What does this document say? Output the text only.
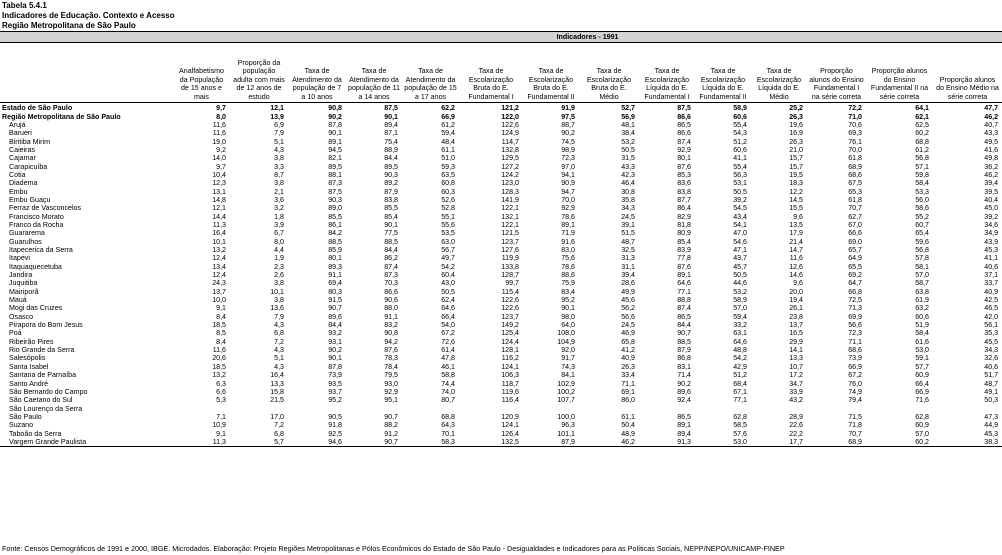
Tabela 5.4.1
Indicadores de Educação. Contexto e Acesso
Região Metropolitana de São Paulo
	Indicadores - 1991													
	Analfabetismo da População de 15 anos e mais	Proporção da população adulta com mais de 12 anos de estudo	Taxa de Atendimento da população de 7 a 10 anos	Taxa de Atendimento da população de 11 a 14 anos	Taxa de Atendimento da população de 15 a 17 anos	Taxa de Escolarização Bruta do E. Fundamental I	Taxa de Escolarização Bruta do E. Fundamental II	Taxa de Escolarização Bruta do E. Médio	Taxa de Escolarização Líquida do E. Fundamental I	Taxa de Escolarização Líquida do E. Fundamental II	Taxa de Escolarização Líquida do E. Médio	Proporção alunos do Ensino Fundamental I na série correta	Proporção alunos do Ensino Fundamental II na série correta	Proporção alunos do Ensino Médio na série correta
Estado de São Paulo	9,7	12,1	90,8	87,5	62,2	121,2	91,9	52,7	87,5	58,9	25,2	72,2	64,1	47,7
Região Metropolitana de São Paulo	8,0	13,9	90,2	90,1	66,9	122,0	97,5	56,9	86,6	60,6	26,3	71,0	62,1	46,2
Arujá	11,6	6,9	87,8	89,4	61,2	122,6	88,7	48,1	86,5	55,4	19,6	70,6	62,5	40,7
Barueri	11,6	7,9	90,1	87,1	59,4	124,9	90,2	38,4	86,6	54,3	16,9	69,3	60,2	43,3
Biritiba Mirim	19,0	5,1	89,1	75,4	48,4	114,7	74,5	53,2	87,4	51,2	26,3	76,1	68,8	49,5
Caieiras	9,2	4,3	94,5	88,9	61,1	132,8	98,9	50,5	92,9	60,6	21,0	70,0	61,2	41,6
Cajamar	14,0	3,8	82,1	84,4	51,0	129,5	72,3	31,5	80,1	41,1	15,7	61,8	56,8	49,8
Carapicuíba	9,7	3,3	89,5	89,5	59,3	127,2	97,0	43,3	87,6	55,4	15,7	68,9	57,1	36,2
Cotia	10,4	8,7	88,1	90,3	63,5	124,2	94,1	42,3	85,3	56,3	19,5	68,6	59,8	46,2
Diadema	12,3	3,8	87,3	89,2	60,8	123,0	90,9	46,4	83,6	53,1	18,3	67,5	58,4	39,4
Embu	13,1	2,1	87,5	87,9	60,3	128,3	94,7	30,8	83,8	50,5	12,2	65,3	53,3	39,5
Embu Guaçu	14,8	3,6	90,3	83,8	52,6	141,9	70,0	35,8	87,7	39,2	14,5	61,8	56,0	40,4
Ferraz de Vasconcelos	12,1	3,2	89,0	85,5	52,8	122,1	92,9	34,3	86,4	54,5	15,5	70,7	58,6	45,0
Francisco Morato	14,4	1,8	85,5	85,4	55,1	132,1	78,6	24,5	82,9	43,4	9,6	62,7	55,2	39,2
Franco da Rocha	11,3	3,9	86,1	90,1	55,6	122,1	89,1	39,1	81,8	54,1	13,5	67,0	60,7	34,6
Guararema	16,4	6,7	84,2	77,5	53,5	121,5	71,9	51,5	80,9	47,0	17,9	66,6	65,4	34,9
Guarulhos	10,1	8,0	88,5	88,5	63,0	123,7	91,6	48,7	85,4	54,6	21,4	69,0	59,6	43,9
Itapecerica da Serra	13,2	4,4	85,9	84,4	56,7	127,6	83,0	32,5	83,9	47,1	14,7	65,7	56,8	45,3
Itapevi	12,4	1,9	80,1	86,2	49,7	119,9	75,6	31,3	77,8	43,7	11,6	64,9	57,8	41,1
Itaquaquecetuba	13,4	2,3	89,3	87,4	54,2	133,8	78,6	31,1	87,6	45,7	12,6	65,5	58,1	40,6
Jandira	12,4	2,6	91,1	87,3	60,4	128,7	88,6	39,4	89,1	50,5	14,6	69,2	57,0	37,1
Juquitiba	24,3	3,8	69,4	70,3	43,0	99,7	75,9	28,6	64,6	44,6	9,6	64,7	58,7	33,7
Mairiporã	13,7	10,1	80,3	86,6	50,5	115,4	83,4	49,9	77,1	53,2	20,0	66,8	63,8	40,9
Mauá	10,0	3,8	91,5	90,6	62,4	122,6	95,2	45,6	88,8	58,9	19,4	72,5	61,9	42,5
Mogi das Cruzes	9,1	13,6	90,7	88,0	64,6	122,6	90,1	56,2	87,4	57,0	26,1	71,3	63,2	46,5
Osasco	8,4	7,9	89,6	91,1	66,4	123,7	98,0	56,6	86,5	59,4	23,8	69,9	60,6	42,0
Pirapora do Bom Jesus	18,5	4,3	84,4	83,2	54,0	149,2	64,0	24,5	84,4	33,2	13,7	56,6	51,9	56,1
Poá	8,5	6,8	93,2	90,8	67,2	125,4	108,0	46,9	90,7	63,1	16,5	72,3	58,4	35,3
Ribeirão Pires	8,4	7,2	93,1	94,2	72,6	124,4	104,9	65,8	88,5	64,6	29,9	71,1	61,6	45,5
Rio Grande da Serra	11,6	4,3	90,2	87,6	61,4	128,1	92,0	41,2	87,9	48,8	14,1	68,6	53,0	34,3
Salesópolis	20,6	5,1	90,1	78,3	47,8	116,2	91,7	40,9	86,8	54,2	13,3	73,9	59,1	32,6
Santa Isabel	18,5	4,3	87,8	78,4	46,1	124,1	74,3	26,3	83,1	42,9	10,7	66,9	57,7	40,6
Santana de Parnaíba	13,2	16,4	73,9	79,5	58,8	106,3	84,1	33,4	71,4	51,2	17,2	67,2	60,9	51,7
Santo André	6,3	13,3	93,5	93,0	74,4	118,7	102,9	71,1	90,2	68,4	34,7	76,0	66,4	48,7
São Bernardo do Campo	6,6	15,8	93,7	92,9	74,0	119,6	100,2	69,1	89,6	67,1	33,9	74,9	66,9	49,1
São Caetano do Sul	5,3	21,5	95,2	95,1	80,7	116,4	107,7	86,0	92,4	77,1	43,2	79,4	71,6	50,3
São Lourenço da Serra														
São Paulo	7,1	17,0	90,5	90,7	68,8	120,9	100,0	61,1	86,5	62,8	28,9	71,5	62,8	47,3
Suzano	10,9	7,2	91,8	88,2	64,3	124,1	96,3	50,4	89,1	58,5	22,6	71,8	60,9	44,9
Taboão da Serra	9,1	6,8	92,5	91,2	70,1	126,4	101,1	48,9	89,4	57,6	22,2	70,7	57,0	45,3
Vargem Grande Paulista	11,3	5,7	94,6	90,7	58,3	132,5	87,9	46,2	91,3	53,0	17,7	68,9	60,2	38,3
Fonte: Censos Demográficos de 1991 e 2000, IBGE. Microdados. Elaboração: Projeto Regiões Metropolitanas e Pólos Econômicos do Estado de São Paulo - Desigualdades e Indicadores para as Políticas Sociais, NEPP/NEPO/UNICAMP-FINEP
